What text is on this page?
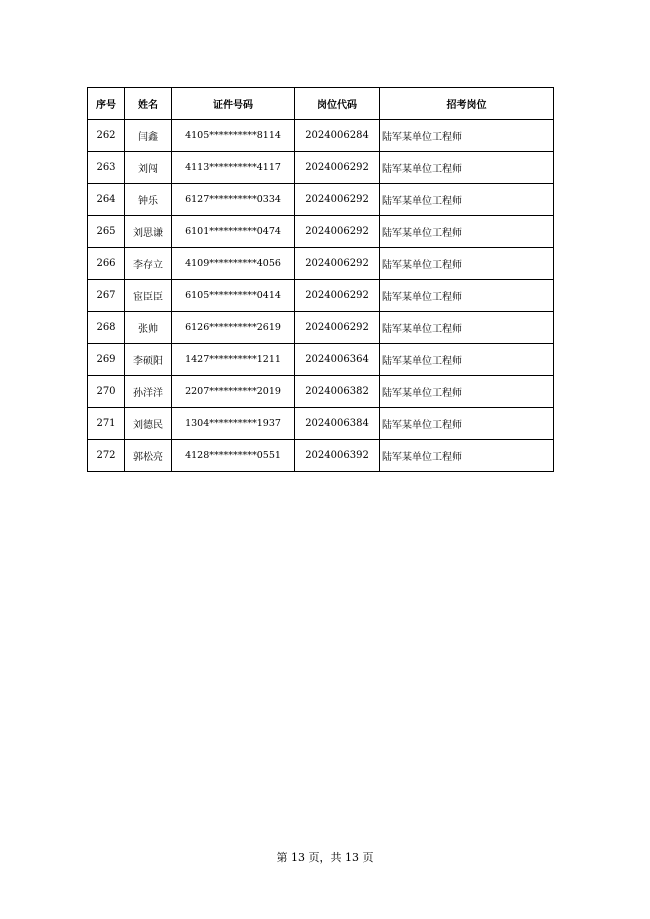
序号	姓名	证件号码	岗位代码	招考岗位
262	闫鑫	4105**********8114	2024006284	陆军某单位工程师
263	刘闯	4113**********4117	2024006292	陆军某单位工程师
264	钟乐	6127**********0334	2024006292	陆军某单位工程师
265	刘思谦	6101**********0474	2024006292	陆军某单位工程师
266	李存立	4109**********4056	2024006292	陆军某单位工程师
267	宦臣臣	6105**********0414	2024006292	陆军某单位工程师
268	张帅	6126**********2619	2024006292	陆军某单位工程师
269	李硕阳	1427**********1211	2024006364	陆军某单位工程师
270	孙洋洋	2207**********2019	2024006382	陆军某单位工程师
271	刘德民	1304**********1937	2024006384	陆军某单位工程师
272	郭松亮	4128**********0551	2024006392	陆军某单位工程师
第 13 页，共 13 页
